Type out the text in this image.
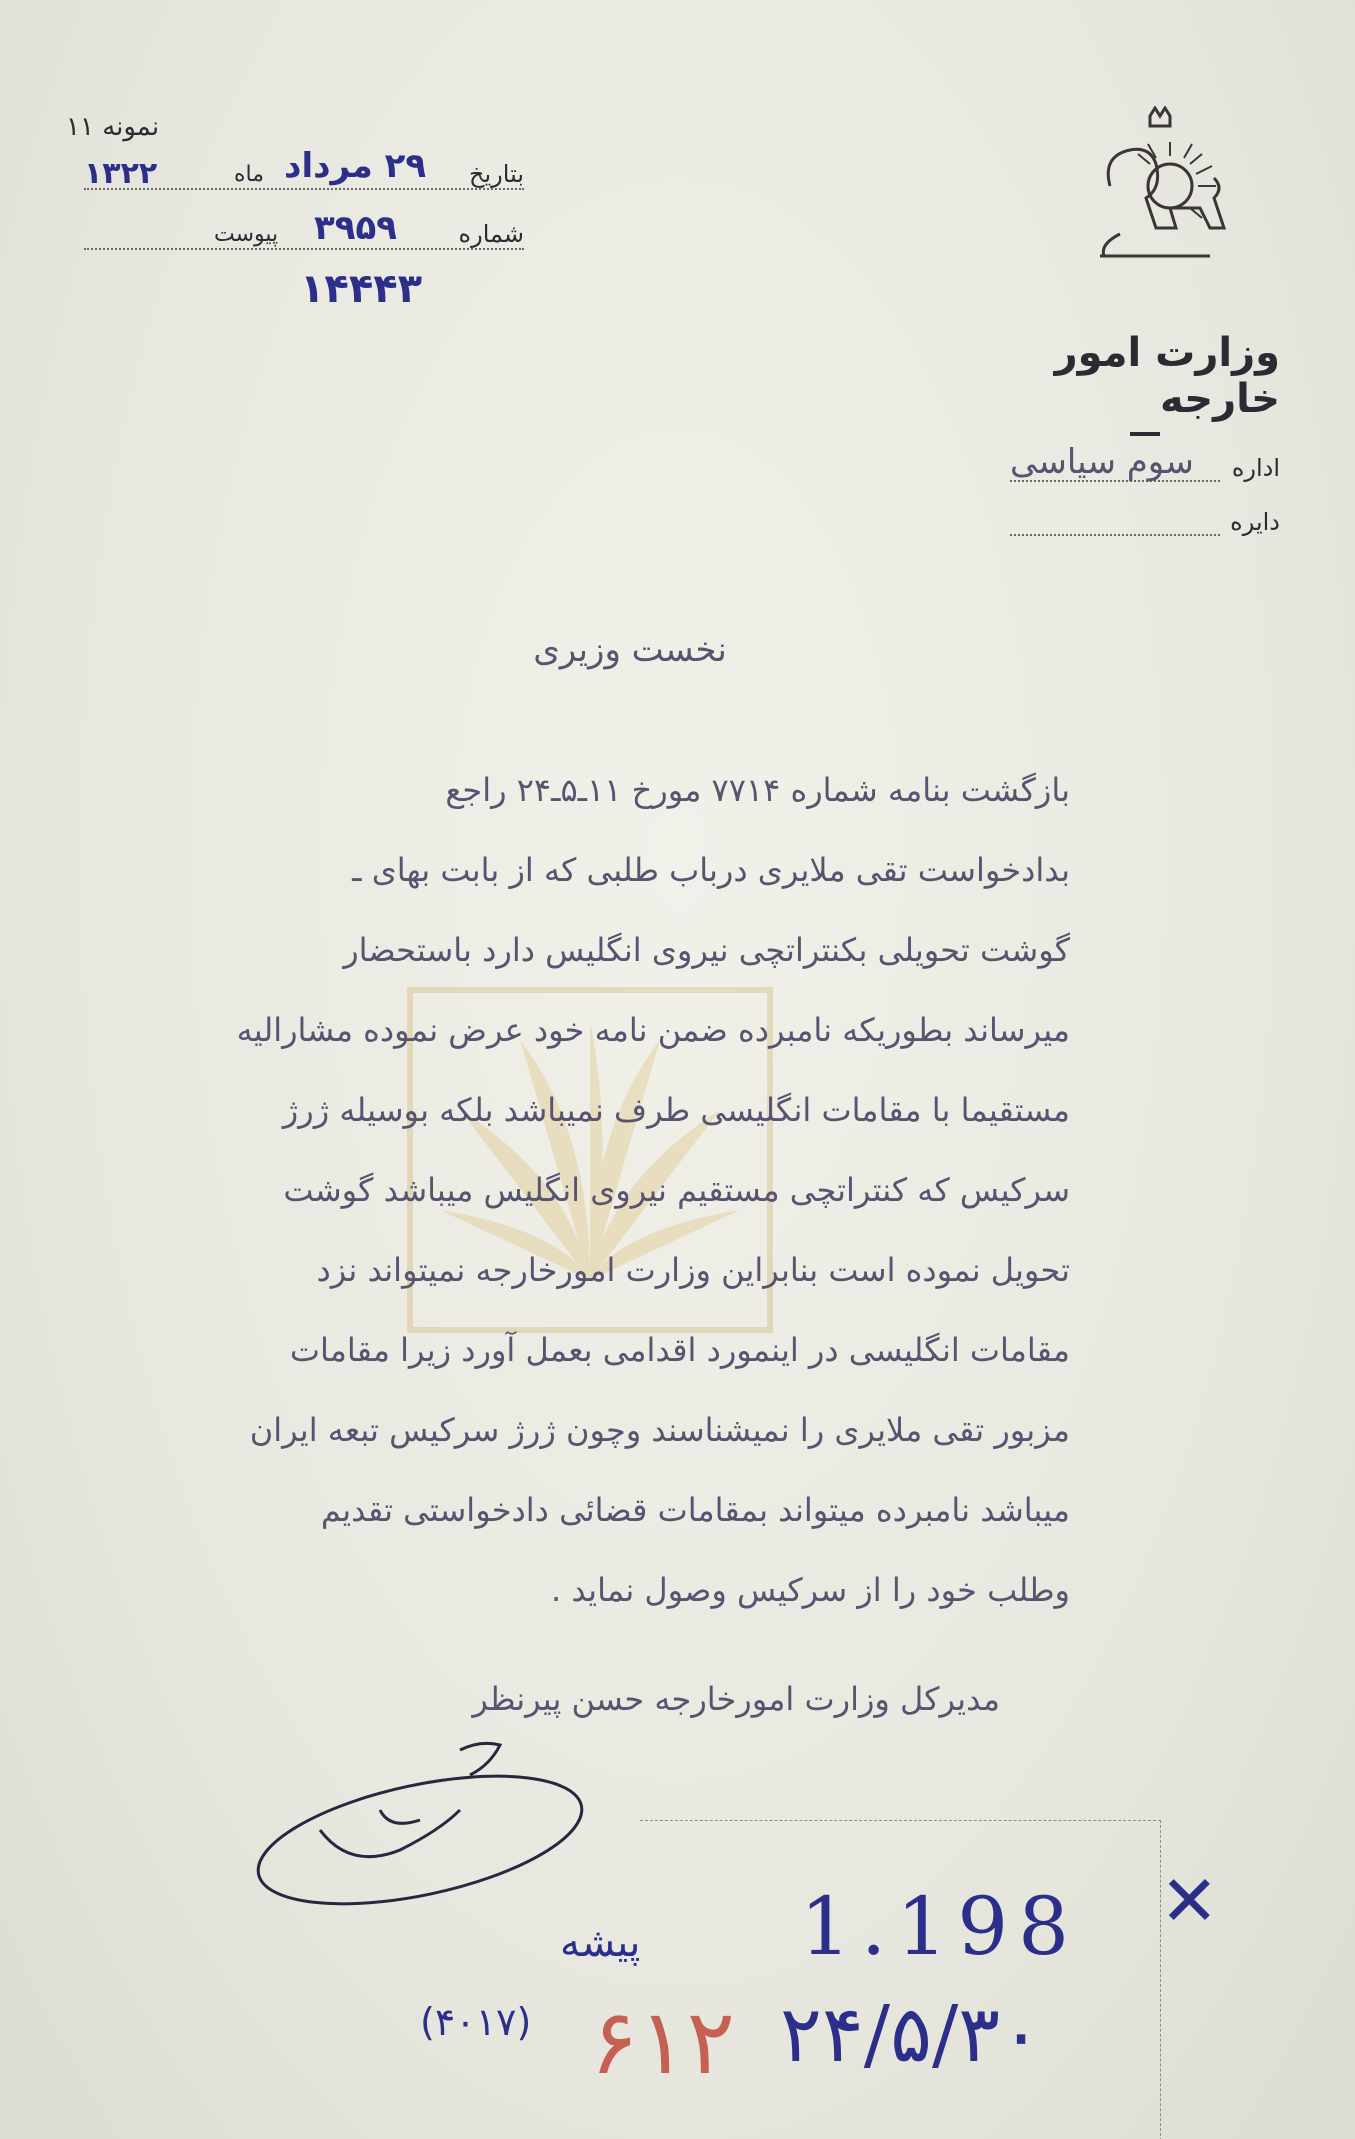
نمونه ۱۱
بتاریخ
۲۹ مرداد
ماه
۱۳۲۲
شماره
۳۹۵۹
پیوست
۱۴۴۴۳
وزارت امور خارجه
اداره
سوم سیاسی
دایره
نخست وزیری
بازگشت بنامه شماره ۷۷۱۴ مورخ ۱۱ـ۵ـ۲۴ راجع
بدادخواست تقی ملایری درباب طلبی که از بابت بهای ـ
گوشت تحویلی بکنتراتچی نیروی انگلیس دارد باستحضار
میرساند بطوریکه نامبرده ضمن نامه خود عرض نموده مشارالیه
مستقیما با مقامات انگلیسی طرف نمیباشد بلکه بوسیله ژرژ
سرکیس که کنتراتچی مستقیم نیروی انگلیس میباشد گوشت
تحویل نموده است بنابراین وزارت امورخارجه نمیتواند نزد
مقامات انگلیسی در اینمورد اقدامی بعمل آورد زیرا مقامات
مزبور تقی ملایری را نمیشناسند وچون ژرژ سرکیس تبعه ایران
میباشد نامبرده میتواند بمقامات قضائی دادخواستی تقدیم
وطلب خود را از سرکیس وصول نماید .
مدیرکل وزارت امورخارجه حسن پیرنظر
1.198
۲۴/۵/۳۰
پیشه
(۴۰۱۷) ۶۱۲
✕
